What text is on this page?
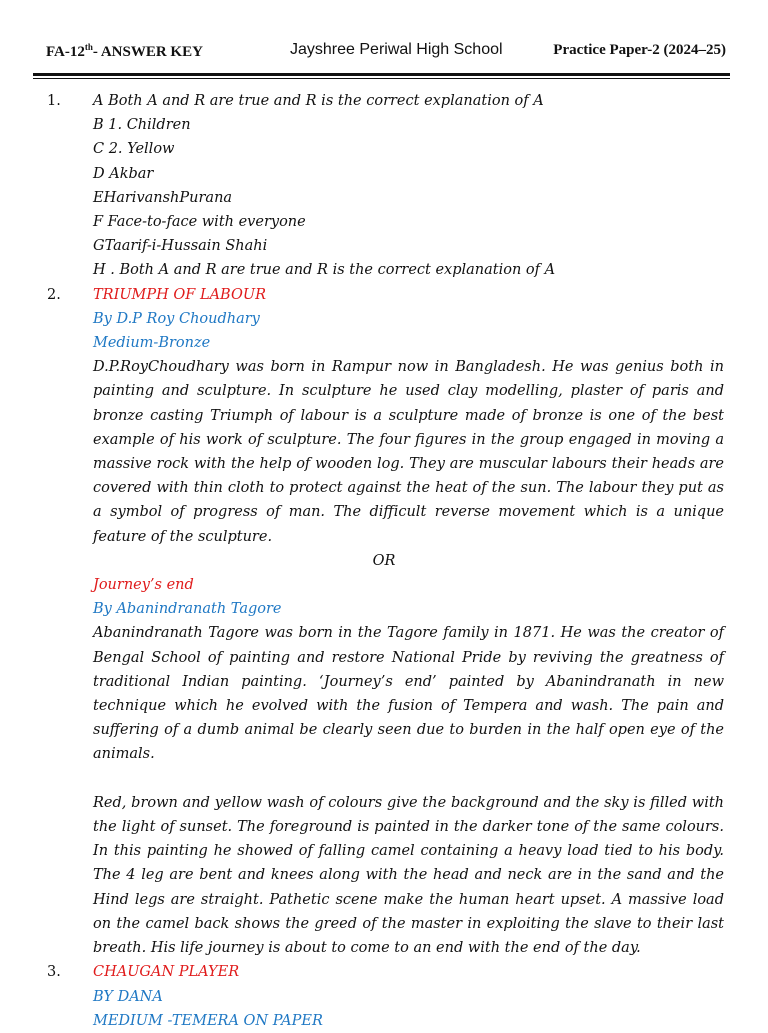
FA-12th- ANSWER KEY	Jayshree Periwal High School	Practice Paper-2 (2024–25)
1. A Both A and R are true and R is the correct explanation of A
B 1. Children
C 2. Yellow
D Akbar
EHarivanshPurana
F Face-to-face with everyone
GTaarif-i-Hussain Shahi
H . Both A and R are true and R is the correct explanation of A
2. TRIUMPH OF LABOUR
By D.P Roy Choudhary
Medium-Bronze
D.P.RoyChoudhary was born in Rampur now in Bangladesh. He was genius both in painting and sculpture. In sculpture he used clay modelling, plaster of paris and bronze casting Triumph of labour is a sculpture made of bronze is one of the best example of his work of sculpture. The four figures in the group engaged in moving a massive rock with the help of wooden log. They are muscular labours their heads are covered with thin cloth to protect against the heat of the sun. The labour they put as a symbol of progress of man. The difficult reverse movement which is a unique feature of the sculpture.
OR
Journey’s end
By Abanindranath Tagore
Abanindranath Tagore was born in the Tagore family in 1871. He was the creator of Bengal School of painting and restore National Pride by reviving the greatness of traditional Indian painting. ‘Journey’s end’ painted by Abanindranath in new technique which he evolved with the fusion of Tempera and wash. The pain and suffering of a dumb animal be clearly seen due to burden in the half open eye of the animals.
Red, brown and yellow wash of colours give the background and the sky is filled with the light of sunset. The foreground is painted in the darker tone of the same colours. In this painting he showed of falling camel containing a heavy load tied to his body. The 4 leg are bent and knees along with the head and neck are in the sand and the Hind legs are straight. Pathetic scene make the human heart upset. A massive load on the camel back shows the greed of the master in exploiting the slave to their last breath. His life journey is about to come to an end with the end of the day.
3. CHAUGAN PLAYER
BY DANA
MEDIUM -TEMERA ON PAPER
